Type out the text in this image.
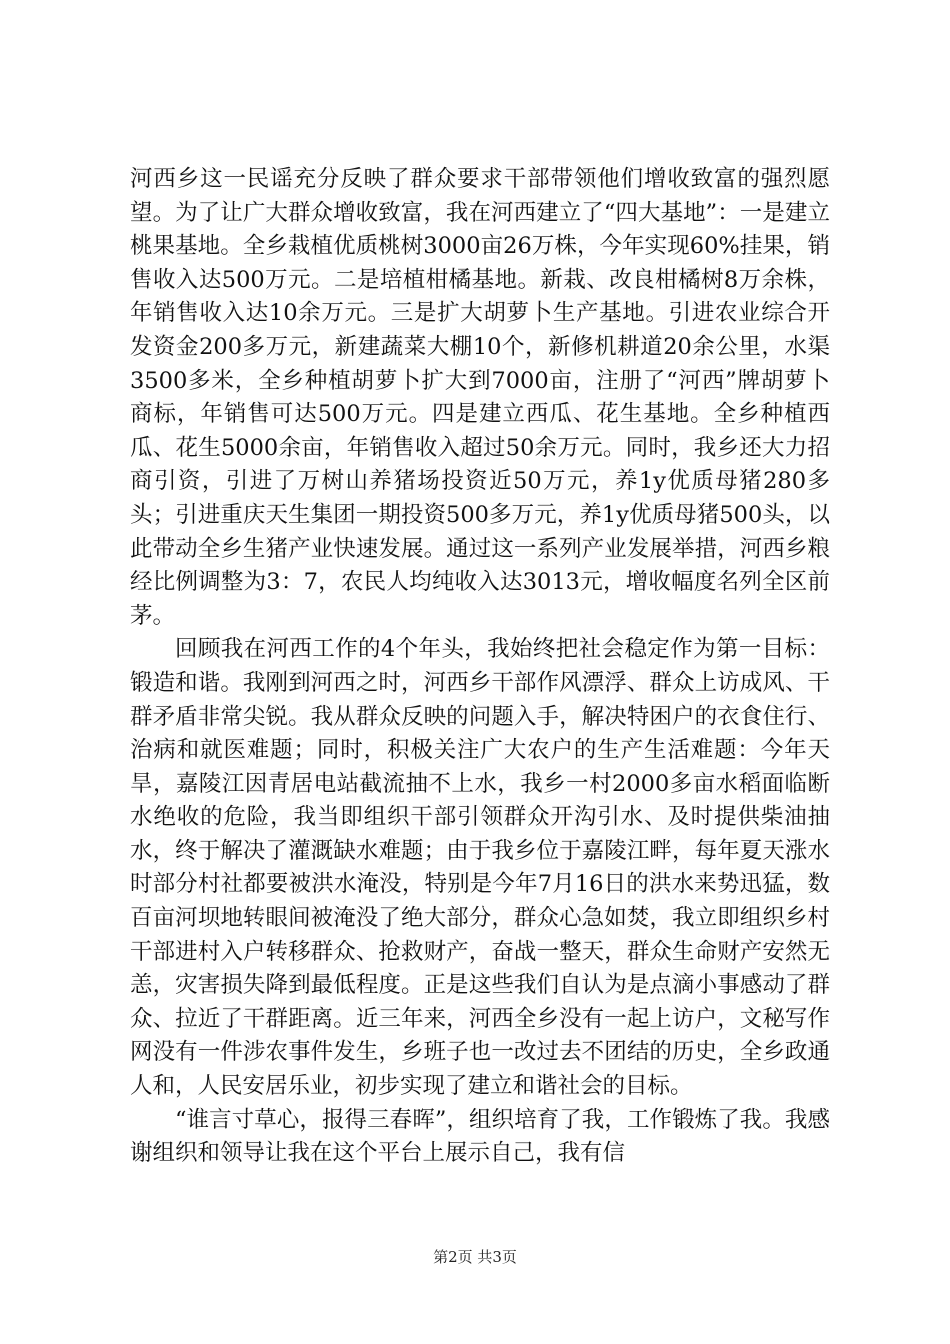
河西乡这一民谣充分反映了群众要求干部带领他们增收致富的强烈愿望。为了让广大群众增收致富，我在河西建立了“四大基地”：一是建立桃果基地。全乡栽植优质桃树3000亩26万株，今年实现60%挂果，销售收入达500万元。二是培植柑橘基地。新栽、改良柑橘树8万余株，年销售收入达10余万元。三是扩大胡萝卜生产基地。引进农业综合开发资金200多万元，新建蔬菜大棚10个，新修机耕道20余公里，水渠3500多米，全乡种植胡萝卜扩大到7000亩，注册了“河西”牌胡萝卜商标，年销售可达500万元。四是建立西瓜、花生基地。全乡种植西瓜、花生5000余亩，年销售收入超过50余万元。同时，我乡还大力招商引资，引进了万树山养猪场投资近50万元，养1y优质母猪280多头；引进重庆天生集团一期投资500多万元，养1y优质母猪500头，以此带动全乡生猪产业快速发展。通过这一系列产业发展举措，河西乡粮经比例调整为3：7，农民人均纯收入达3013元，增收幅度名列全区前茅。

回顾我在河西工作的4个年头，我始终把社会稳定作为第一目标：锻造和谐。我刚到河西之时，河西乡干部作风漂浮、群众上访成风、干群矛盾非常尖锐。我从群众反映的问题入手，解决特困户的衣食住行、治病和就医难题；同时，积极关注广大农户的生产生活难题：今年天旱，嘉陵江因青居电站截流抽不上水，我乡一村2000多亩水稻面临断水绝收的危险，我当即组织干部引领群众开沟引水、及时提供柴油抽水，终于解决了灌溉缺水难题；由于我乡位于嘉陵江畔，每年夏天涨水时部分村社都要被洪水淹没，特别是今年7月16日的洪水来势迅猛，数百亩河坝地转眼间被淹没了绝大部分，群众心急如焚，我立即组织乡村干部进村入户转移群众、抢救财产，奋战一整天，群众生命财产安然无恙，灾害损失降到最低程度。正是这些我们自认为是点滴小事感动了群众、拉近了干群距离。近三年来，河西全乡没有一起上访户，文秘写作网没有一件涉农事件发生，乡班子也一改过去不团结的历史，全乡政通人和，人民安居乐业，初步实现了建立和谐社会的目标。

“谁言寸草心，报得三春晖”，组织培育了我，工作锻炼了我。我感谢组织和领导让我在这个平台上展示自己，我有信

第2页 共3页
